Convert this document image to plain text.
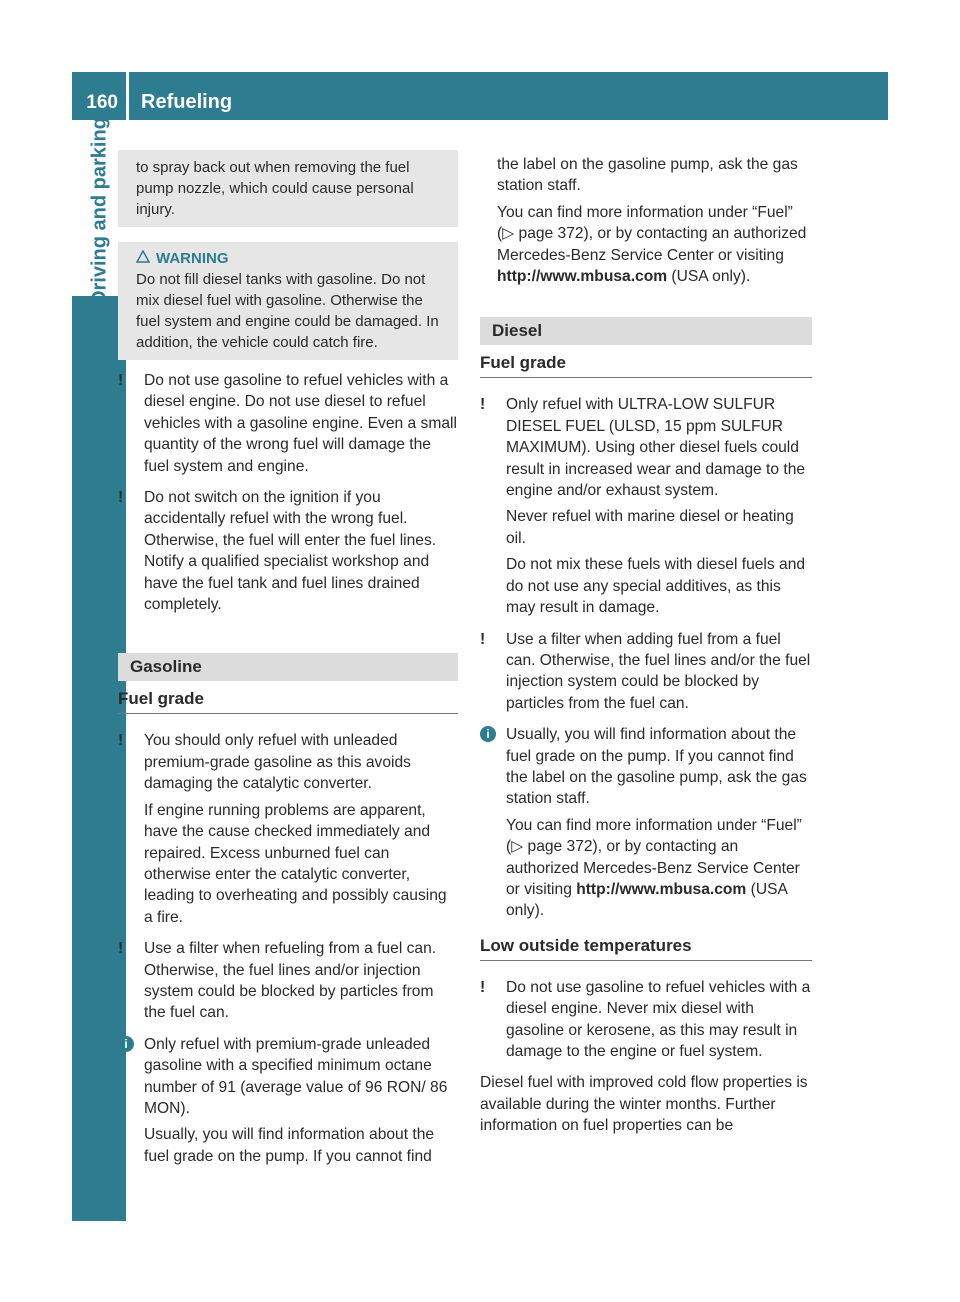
160 Refueling
Driving and parking to spray back out when removing the fuel pump nozzle, which could cause personal injury.

WARNING

Do not fill diesel tanks with gasoline. Do not mix diesel fuel with gasoline. Otherwise the fuel system and engine could be damaged. In addition, the vehicle could catch fire.

! Do not use gasoline to refuel vehicles with a diesel engine. Do not use diesel to refuel vehicles with a gasoline engine. Even a small quantity of the wrong fuel will damage the fuel system and engine.

! Do not switch on the ignition if you accidentally refuel with the wrong fuel. Otherwise, the fuel will enter the fuel lines. Notify a qualified specialist workshop and have the fuel tank and fuel lines drained completely.

Gasoline
Fuel grade
! You should only refuel with unleaded premium-grade gasoline as this avoids damaging the catalytic converter.

If engine running problems are apparent, have the cause checked immediately and repaired. Excess unburned fuel can otherwise enter the catalytic converter, leading to overheating and possibly causing a fire.

! Use a filter when refueling from a fuel can. Otherwise, the fuel lines and/or injection system could be blocked by particles from the fuel can.

i	Only refuel with premium-grade unleaded gasoline with a specified minimum octane number of 91 (average value of 96 RON/ 86 MON).

Usually, you will find information about the fuel grade on the pump. If you cannot find

the label on the gasoline pump, ask the gas station staff.

You can find more information under “Fuel” (▷ page 372), or by contacting an authorized Mercedes-Benz Service Center or visiting http://www.mbusa.com (USA only).

Diesel
Fuel grade
! Only refuel with ULTRA-LOW SULFUR DIESEL FUEL (ULSD, 15 ppm SULFUR MAXIMUM). Using other diesel fuels could result in increased wear and damage to the engine and/or exhaust system.

Never refuel with marine diesel or heating oil.

Do not mix these fuels with diesel fuels and do not use any special additives, as this may result in damage.

! Use a filter when adding fuel from a fuel can. Otherwise, the fuel lines and/or the fuel injection system could be blocked by particles from the fuel can.

i	Usually, you will find information about the fuel grade on the pump. If you cannot find the label on the gasoline pump, ask the gas station staff.

You can find more information under “Fuel” (▷ page 372), or by contacting an authorized Mercedes-Benz Service Center or visiting http://www.mbusa.com (USA only).

Low outside temperatures
! Do not use gasoline to refuel vehicles with a diesel engine. Never mix diesel with gasoline or kerosene, as this may result in damage to the engine or fuel system.

Diesel fuel with improved cold flow properties is available during the winter months. Further information on fuel properties can be
